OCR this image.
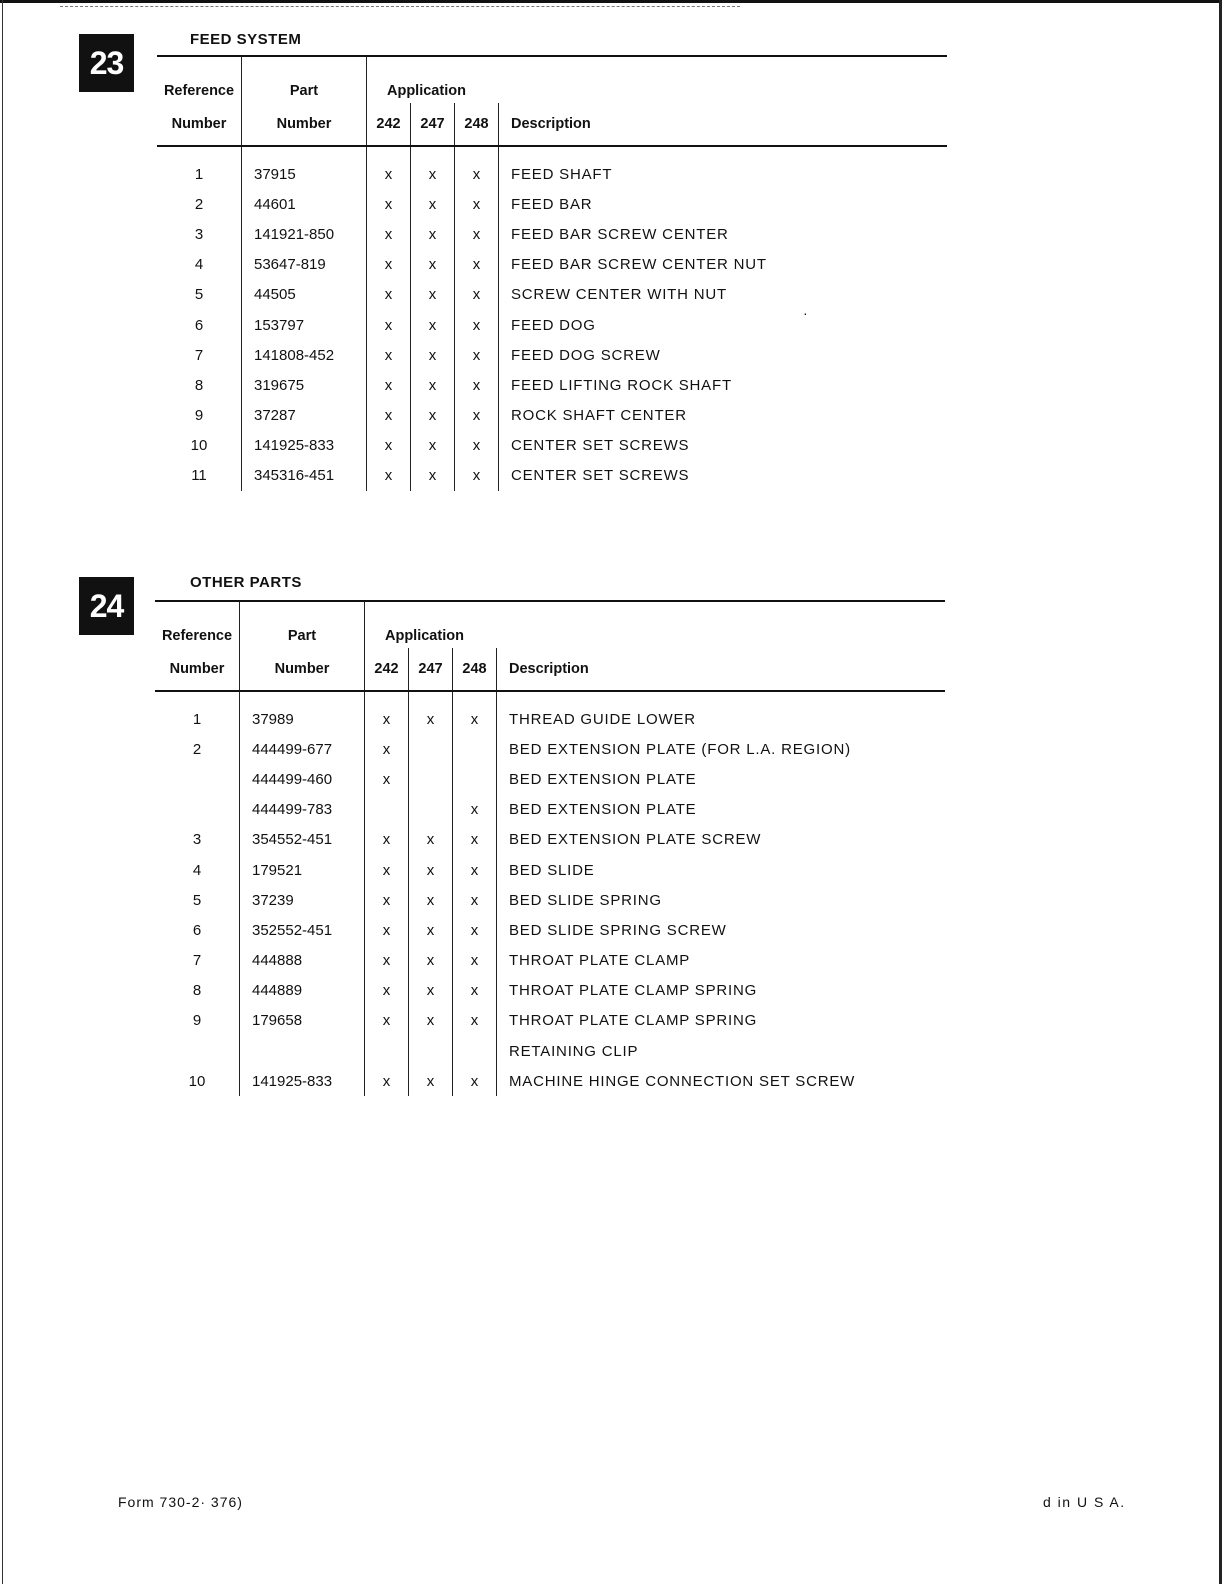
·
23
FEED SYSTEM
Reference	Part	Application			
Number	Number	242	247	248	Description

1	37915	x	x	x	FEED SHAFT
2	44601	x	x	x	FEED BAR
3	141921-850	x	x	x	FEED BAR SCREW CENTER
4	53647-819	x	x	x	FEED BAR SCREW CENTER NUT
5	44505	x	x	x	SCREW CENTER WITH NUT
6	153797	x	x	x	FEED DOG
7	141808-452	x	x	x	FEED DOG SCREW
8	319675	x	x	x	FEED LIFTING ROCK SHAFT
9	37287	x	x	x	ROCK SHAFT CENTER
10	141925-833	x	x	x	CENTER SET SCREWS
11	345316-451	x	x	x	CENTER SET SCREWS
24
OTHER PARTS
Reference	Part	Application			
Number	Number	242	247	248	Description

1	37989	x	x	x	THREAD GUIDE LOWER
2	444499-677	x			BED EXTENSION PLATE (FOR L.A. REGION)
	444499-460	x			BED EXTENSION PLATE
	444499-783			x	BED EXTENSION PLATE
3	354552-451	x	x	x	BED EXTENSION PLATE SCREW
4	179521	x	x	x	BED SLIDE
5	37239	x	x	x	BED SLIDE SPRING
6	352552-451	x	x	x	BED SLIDE SPRING SCREW
7	444888	x	x	x	THROAT PLATE CLAMP
8	444889	x	x	x	THROAT PLATE CLAMP SPRING
9	179658	x	x	x	THROAT PLATE CLAMP SPRING
					RETAINING CLIP
10	141925-833	x	x	x	MACHINE HINGE CONNECTION SET SCREW
Form 730-2· 376)	d in U S A.
